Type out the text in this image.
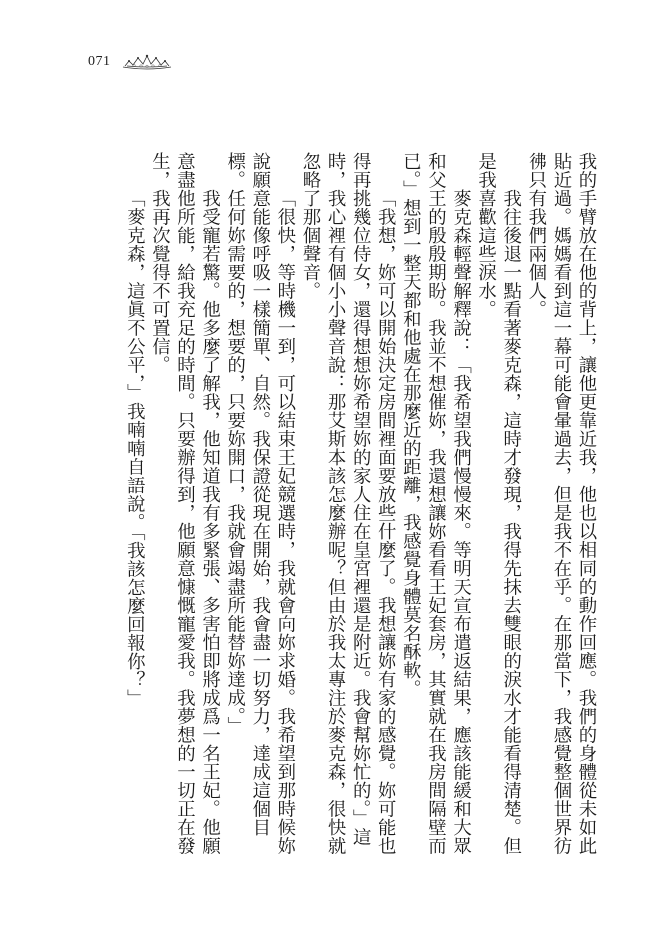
071

我的手臂放在他的背上，讓他更靠近我，他也以相同的動作回應。我們的身體從未如此貼近過。媽媽看到這一幕可能會暈過去，但是我不在乎。在那當下，我感覺整個世界彷彿只有我們兩個人。

我往後退一點看著麥克森，這時才發現，我得先抹去雙眼的淚水才能看得清楚。但是我喜歡這些淚水。

麥克森輕聲解釋說：「我希望我們慢慢來。等明天宣布遣返結果，應該能緩和大眾和父王的殷殷期盼。我並不想催妳，我還想讓妳看看王妃套房，其實就在我房間隔壁而已。」想到一整天都和他處在那麼近的距離，我感覺身體莫名酥軟。

「我想，妳可以開始決定房間裡面要放些什麼了。我想讓妳有家的感覺。妳可能也得再挑幾位侍女，還得想想妳希望妳的家人住在皇宮裡還是附近。我會幫妳忙的。」這時，我心裡有個小小聲音說：那艾斯本該怎麼辦呢？但由於我太專注於麥克森，很快就忽略了那個聲音。

「很快，等時機一到，可以結束王妃競選時，我就會向妳求婚。我希望到那時候妳說願意能像呼吸一樣簡單、自然。我保證從現在開始，我會盡一切努力，達成這個目標。任何妳需要的，想要的，只要妳開口，我就會竭盡所能替妳達成。」

我受寵若驚。他多麼了解我，他知道我有多緊張、多害怕即將成爲一名王妃。他願意盡他所能，給我充足的時間。只要辦得到，他願意慷慨寵愛我。我夢想的一切正在發生，我再次覺得不可置信。

「麥克森，這眞不公平，」我喃喃自語說。「我該怎麼回報你？」
